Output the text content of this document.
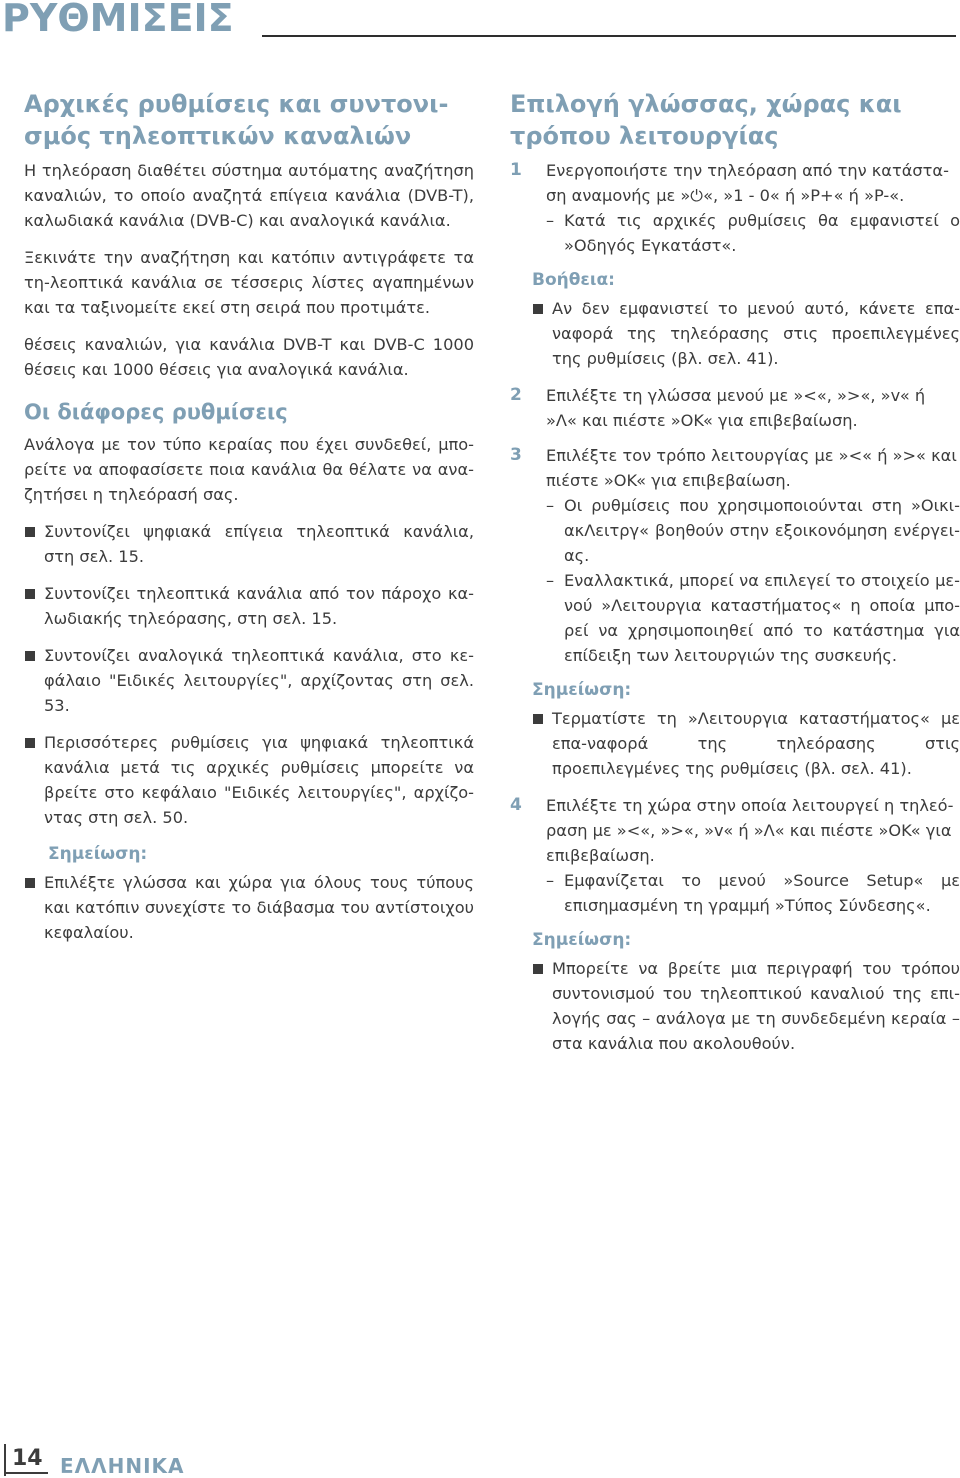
ΡΥΘΜΙΣΕΙΣ
Αρχικές ρυθμίσεις και συντονι-σμός τηλεοπτικών καναλιών

Η τηλεόραση διαθέτει σύστημα αυτόματης αναζήτηση καναλιών, το οποίο αναζητά επίγεια κανάλια (DVB-T), καλωδιακά κανάλια (DVB-C) και αναλογικά κανάλια.

Ξεκινάτε την αναζήτηση και κατόπιν αντιγράφετε τα τη-λεοπτικά κανάλια σε τέσσερις λίστες αγαπημένων και τα ταξινομείτε εκεί στη σειρά που προτιμάτε.

θέσεις καναλιών, για κανάλια DVB-T και DVB-C 1000 θέσεις και 1000 θέσεις για αναλογικά κανάλια.

Οι διάφορες ρυθμίσεις

Ανάλογα με τον τύπο κεραίας που έχει συνδεθεί, μπο-ρείτε να αποφασίσετε ποια κανάλια θα θέλατε να ανα-ζητήσει η τηλεόρασή σας.

Συντονίζει ψηφιακά επίγεια τηλεοπτικά κανάλια, στη σελ. 15.
Συντονίζει τηλεοπτικά κανάλια από τον πάροχο κα-λωδιακής τηλεόρασης, στη σελ. 15.
Συντονίζει αναλογικά τηλεοπτικά κανάλια, στο κε-φάλαιο "Ειδικές λειτουργίες", αρχίζοντας στη σελ. 53.
Περισσότερες ρυθμίσεις για ψηφιακά τηλεοπτικά κανάλια μετά τις αρχικές ρυθμίσεις μπορείτε να βρείτε στο κεφάλαιο "Ειδικές λειτουργίες", αρχίζο-ντας στη σελ. 50.
Σημείωση:
Επιλέξτε γλώσσα και χώρα για όλους τους τύπους και κατόπιν συνεχίστε το διάβασμα του αντίστοιχου κεφαλαίου.
Επιλογή γλώσσας, χώρας και τρόπου λειτουργίας
1 Ενεργοποιήστε την τηλεόραση από την κατάστα-ση αναμονής με »⏻«, »1 - 0« ή »P+« ή »P-«.
– Κατά τις αρχικές ρυθμίσεις θα εμφανιστεί ο »Οδηγός Εγκατάστ«.
Βοήθεια:
Αν δεν εμφανιστεί το μενού αυτό, κάνετε επα-ναφορά της τηλεόρασης στις προεπιλεγμένες της ρυθμίσεις (βλ. σελ. 41).
2 Επιλέξτε τη γλώσσα μενού με »<«, »>«, »v« ή »Λ« και πιέστε »OK« για επιβεβαίωση.
3 Επιλέξτε τον τρόπο λειτουργίας με »<« ή »>« και πιέστε »OK« για επιβεβαίωση.
– Οι ρυθμίσεις που χρησιμοποιούνται στη »Οικι-ακΛειτργ« βοηθούν στην εξοικονόμηση ενέργει-ας.
– Εναλλακτικά, μπορεί να επιλεγεί το στοιχείο με-νού »Λειτουργια καταστήματος« η οποία μπο-ρεί να χρησιμοποιηθεί από το κατάστημα για επίδειξη των λειτουργιών της συσκευής.
Σημείωση:
Τερματίστε τη »Λειτουργια καταστήματος« με επα-ναφορά της τηλεόρασης στις προεπιλεγμένες της ρυθμίσεις (βλ. σελ. 41).
4 Επιλέξτε τη χώρα στην οποία λειτουργεί η τηλεό-ραση με »<«, »>«, »v« ή »Λ« και πιέστε »OK« για επιβεβαίωση.
– Εμφανίζεται το μενού »Source Setup« με επισημασμένη τη γραμμή »Τύπος Σύνδεσης«.
Σημείωση:
Μπορείτε να βρείτε μια περιγραφή του τρόπου συντονισμού του τηλεοπτικού καναλιού της επι-λογής σας – ανάλογα με τη συνδεδεμένη κεραία – στα κανάλια που ακολουθούν.
14 ΕΛΛΗΝΙΚΑ
